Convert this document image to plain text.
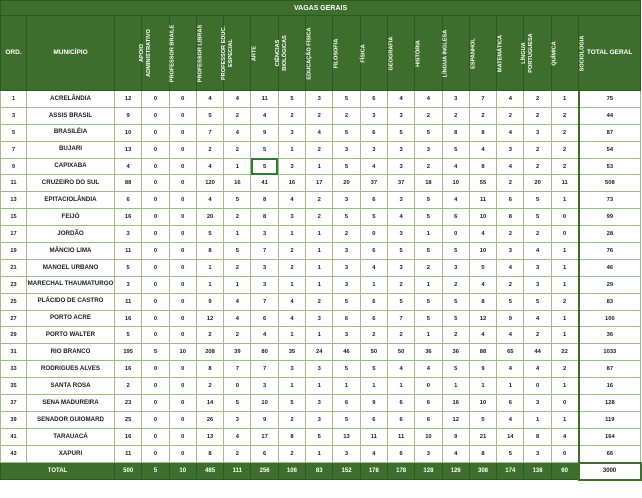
VAGAS GERAIS																			
ORD.	MUNICÍPIO	APOIO ADMINISTRATIVO	PROFESSOR BRAILE	PROFESSOR LIBRAS	PROFESSOR EDUC. ESPECIAL	ARTE	CIÊNCIAS BIOLÓGICAS	EDUCAÇÃO FÍSICA	FILOSOFIA	FÍSICA	GEOGRAFIA	HISTÓRIA	LÍNGUA INGLESA	ESPANHOL	MATEMÁTICA	LÍNGUA PORTUGUESA	QUÍMICA	SOCIOLOGIA	TOTAL GERAL
1	ACRELÂNDIA	12	0	0	4	4	11	5	3	5	6	4	4	3	7	4	2	1	75
3	ASSIS BRASIL	9	0	0	5	2	4	2	2	2	3	3	2	2	2	2	2	2	44
5	BRASILÉIA	10	0	0	7	4	9	3	4	5	6	5	5	8	8	4	3	2	87
7	BUJARI	13	0	0	2	2	5	1	2	3	3	3	3	5	4	3	2	2	54
9	CAPIXABA	4	0	0	4	1	5	3	1	5	4	3	2	4	8	4	2	2	53
11	CRUZEIRO DO SUL	88	0	0	120	16	41	16	17	20	37	37	18	10	55	2	20	11	508
13	EPITACIOLÂNDIA	6	0	0	4	5	8	4	2	3	6	3	5	4	11	6	5	1	73
15	FEIJÓ	16	0	0	20	2	8	3	2	5	5	4	5	6	10	8	5	0	99
17	JORDÃO	3	0	0	5	1	3	1	1	2	0	3	1	0	4	2	2	0	28
19	MÂNCIO LIMA	11	0	0	8	5	7	2	1	3	6	5	5	5	10	3	4	1	76
21	MANOEL URBANO	5	0	0	1	2	3	2	1	3	4	3	2	3	5	4	3	1	46
23	MARECHAL THAUMATURGO	3	0	0	1	1	3	1	1	3	1	2	1	2	4	2	3	1	29
25	PLÁCIDO DE CASTRO	11	0	0	9	4	7	4	2	5	6	5	5	5	8	5	5	2	83
27	PORTO ACRE	16	0	0	12	4	6	4	3	6	6	7	5	5	12	9	4	1	100
29	PORTO WALTER	5	0	0	2	2	4	1	1	3	2	2	1	2	4	4	2	1	36
31	RIO BRANCO	195	5	10	208	39	80	35	24	46	50	50	36	36	88	65	44	22	1033
33	RODRIGUES ALVES	16	0	0	8	7	7	3	3	5	5	4	4	5	9	4	4	2	87
35	SANTA ROSA	2	0	0	2	0	3	1	1	1	1	1	0	1	1	1	0	1	16
37	SENA MADUREIRA	23	0	0	14	5	10	5	3	6	9	6	6	16	10	6	3	0	128
39	SENADOR GUIOMARD	25	0	0	26	3	9	2	3	5	6	6	6	12	5	4	1	1	119
41	TARAUACÁ	16	0	0	13	4	17	8	5	13	11	11	10	9	21	14	8	4	164
43	XAPURI	11	0	0	8	2	6	2	1	3	4	6	3	4	8	5	3	0	66
TOTAL		500	5	10	485	111	256	106	83	152	178	178	128	126	308	174	138	60	3000
